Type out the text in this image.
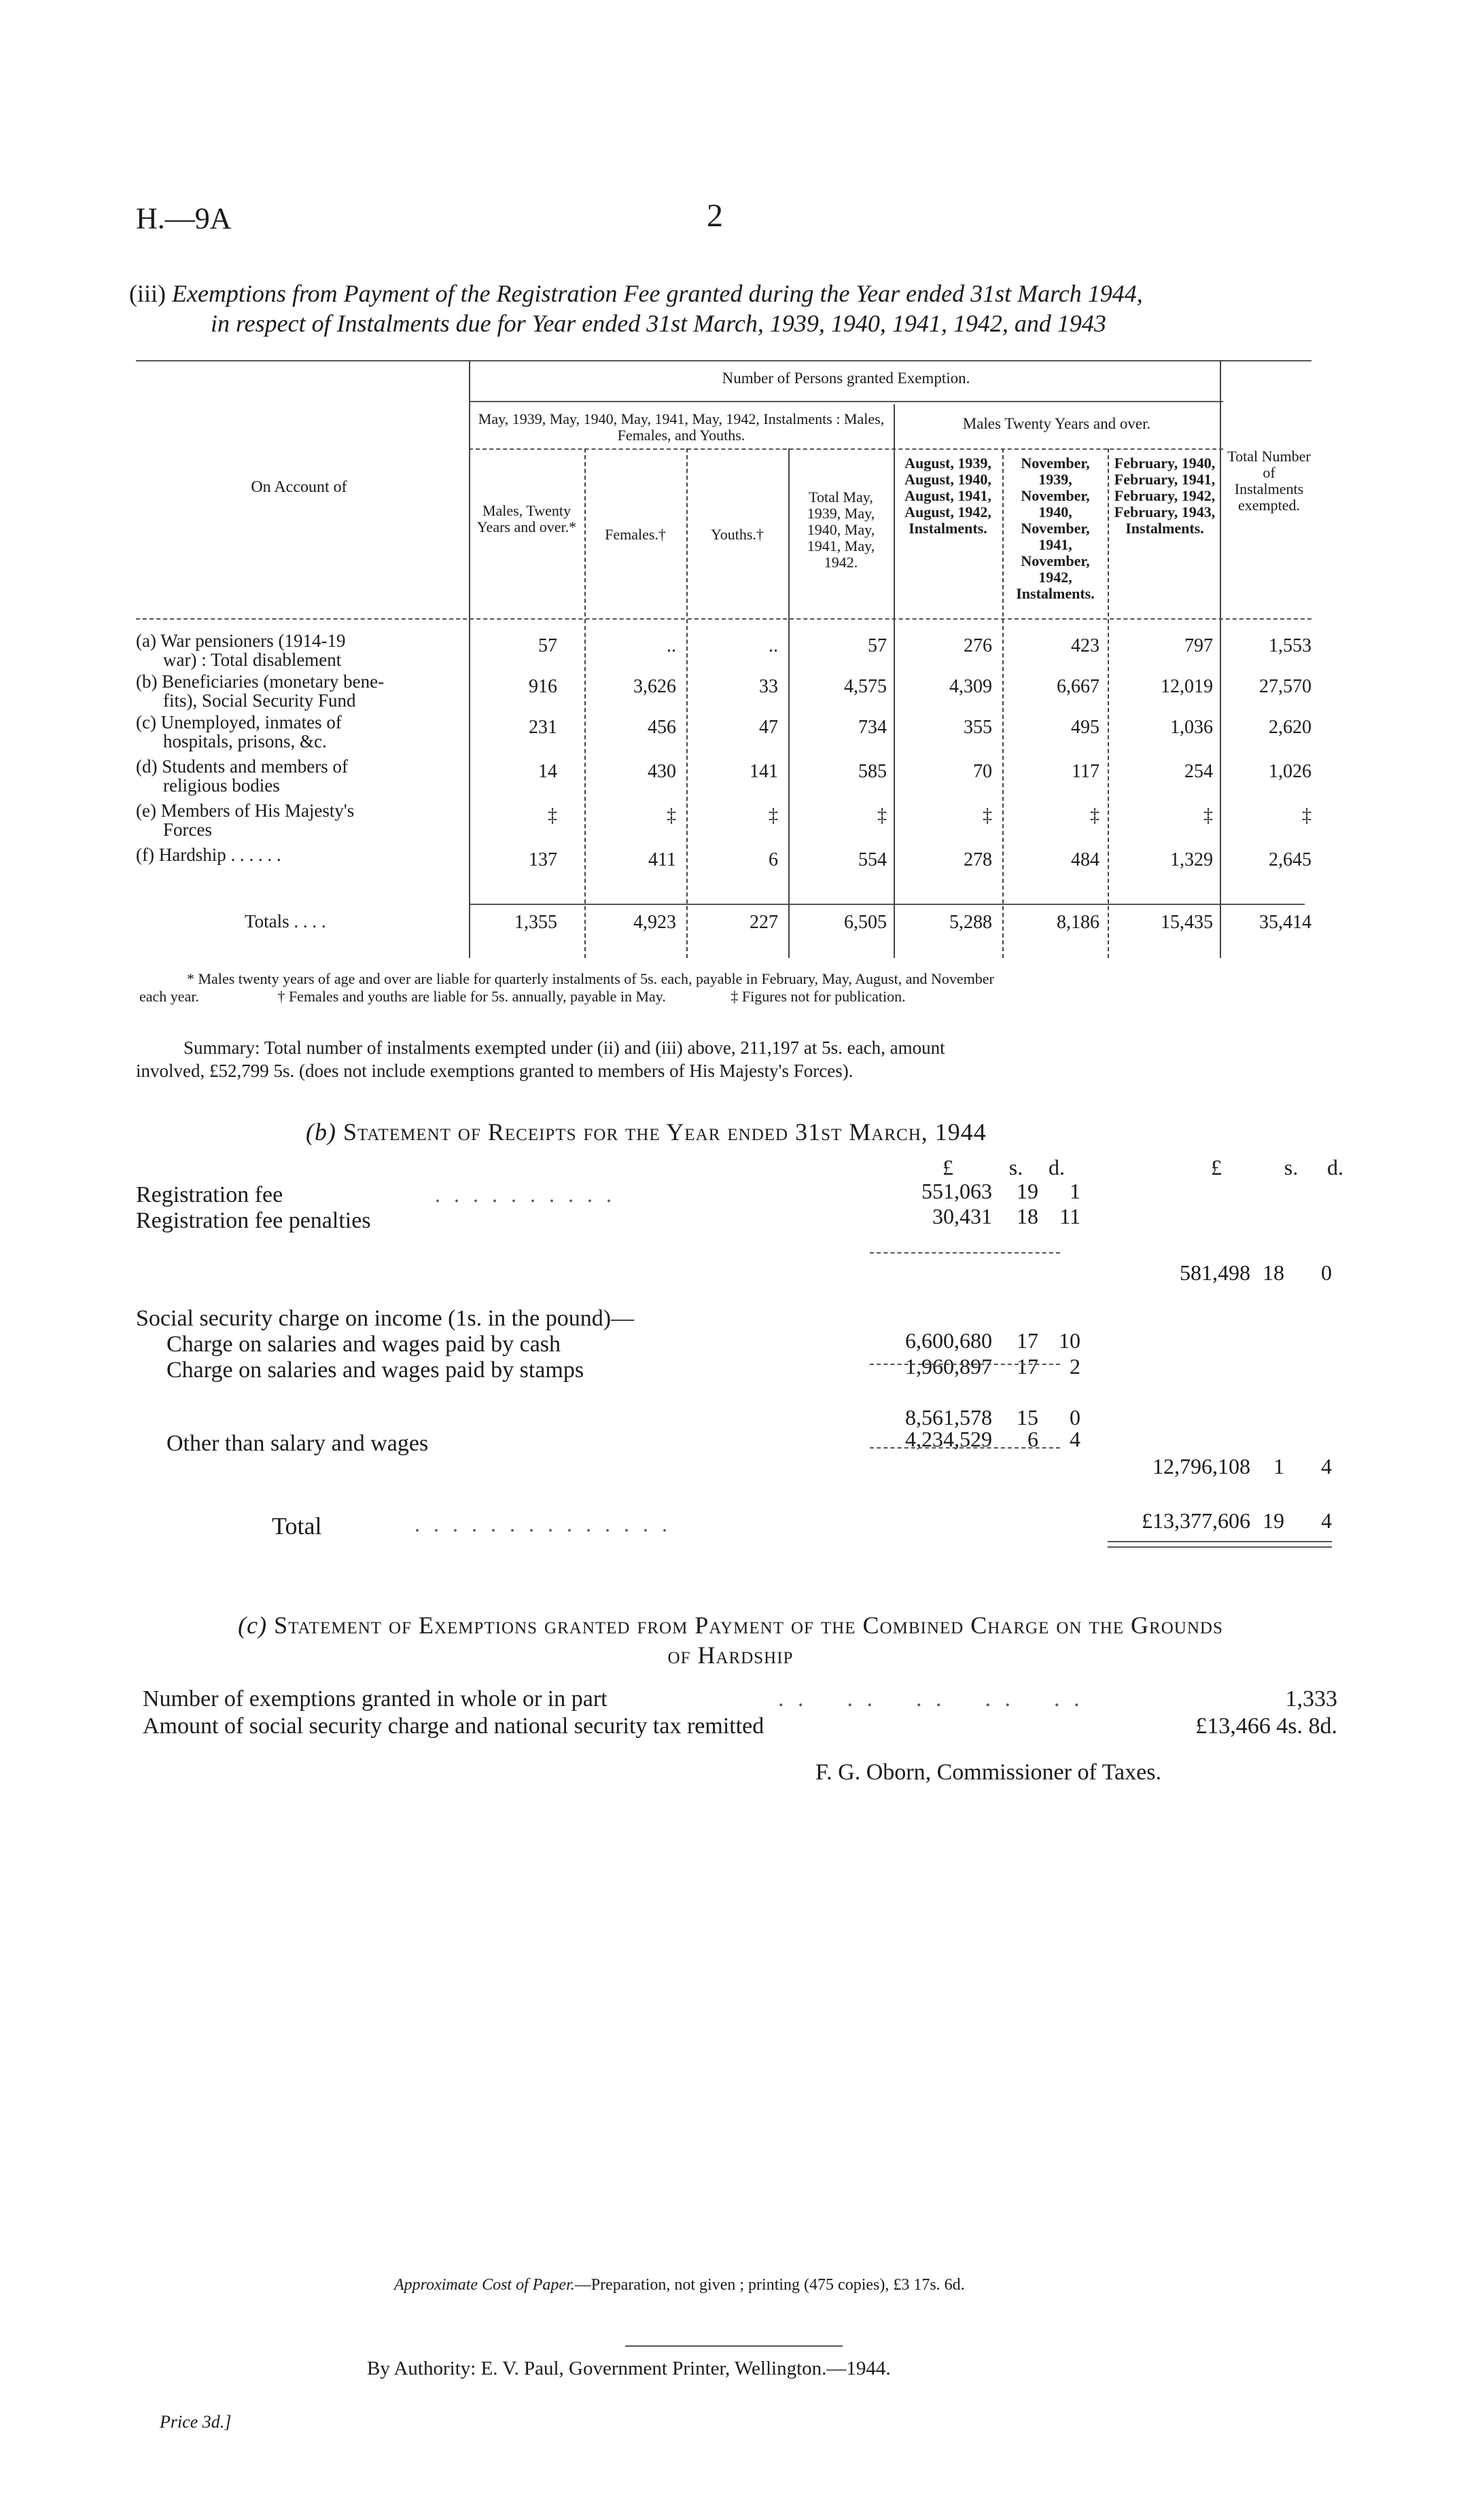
H.—9A	2
(iii) Exemptions from Payment of the Registration Fee granted during the Year ended 31st March 1944,
in respect of Instalments due for Year ended 31st March, 1939, 1940, 1941, 1942, and 1943
Number of Persons granted Exemption.
May, 1939, May, 1940, May, 1941, May, 1942, Instalments : Males, Females, and Youths.
Males Twenty Years and over.
On Account of
Males, Twenty Years and over.*	Females.†	Youths.†
Total May, 1939, May, 1940, May, 1941, May, 1942.
August, 1939, August, 1940, August, 1941, August, 1942, Instalments.
November, 1939, November, 1940, November, 1941, November, 1942, Instalments.
February, 1940, February, 1941, February, 1942, February, 1943, Instalments.
Total Number of Instalments exempted.
(a) War pensioners (1914-19

war) : Total disablement
57	..	..	57	276	423	797	1,553
(b) Beneficiaries (monetary bene-

fits), Social Security Fund
916	3,626	33	4,575	4,309	6,667	12,019	27,570
(c) Unemployed, inmates of

hospitals, prisons, &c.
231	456	47	734	355	495	1,036	2,620
(d) Students and members of

religious bodies
14	430	141	585	70	117	254	1,026
(e) Members of His Majesty's

Forces
‡	‡	‡	‡	‡	‡	‡	‡
(f) Hardship . . . . . .	137	411	6	554	278	484	1,329	2,645
Totals . . . .	1,355	4,923	227	6,505	5,288	8,186	15,435	35,414
* Males twenty years of age and over are liable for quarterly instalments of 5s. each, payable in February, May, August, and November
each year.	† Females and youths are liable for 5s. annually, payable in May.	‡ Figures not for publication.
Summary: Total number of instalments exempted under (ii) and (iii) above, 211,197 at 5s. each, amount
involved, £52,799 5s. (does not include exemptions granted to members of His Majesty's Forces).
(b) Statement of Receipts for the Year ended 31st March, 1944
£	s.	d.	£	s.	d.
Registration fee	. . . . . . . . . .	551,063 19	1
Registration fee penalties	30,431 18 11
581,498 18	0
Social security charge on income (1s. in the pound)—
Charge on salaries and wages paid by cash	6,600,680 17 10
Charge on salaries and wages paid by stamps	1,960,897 17	2
8,561,578 15	0
Other than salary and wages	4,234,529	6	4
12,796,108	1	4
Total	. . . . . . . . . . . . . .	£13,377,606 19	4
(c) Statement of Exemptions granted from Payment of the Combined Charge on the Grounds
of Hardship
Number of exemptions granted in whole or in part	. .    . .    . .    . .    . .	1,333
Amount of social security charge and national security tax remitted	£13,466 4s. 8d.
F. G. Oborn, Commissioner of Taxes.
Approximate Cost of Paper.—Preparation, not given ; printing (475 copies), £3 17s. 6d.
By Authority: E. V. Paul, Government Printer, Wellington.—1944.
Price 3d.]
